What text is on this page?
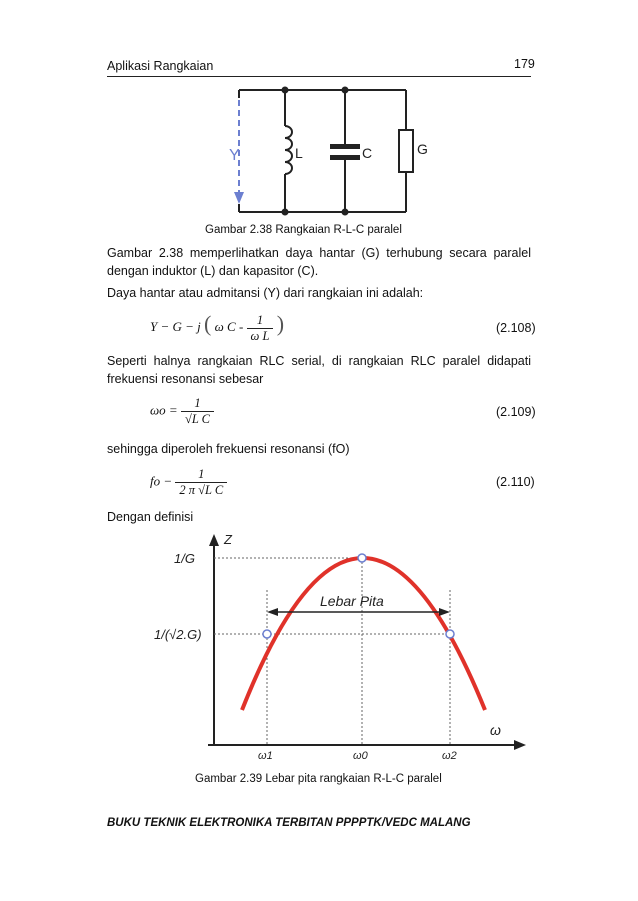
Aplikasi Rangkaian	179
Y	L	C	G
Gambar 2.38 Rangkaian R-L-C paralel
Gambar 2.38 memperlihatkan daya hantar (G) terhubung secara paralel dengan induktor (L) dan kapasitor (C).
Daya hantar atau admitansi (Y) dari rangkaian ini adalah:
Y − G − j ( ω C - $\frac{1}{\text{ω L}}$ )	(2.108)
Seperti halnya rangkaian RLC serial, di rangkaian RLC paralel didapati frekuensi resonansi sebesar
$\omega o = \frac{1}{\text{√L C}}$	(2.109)
sehingga diperoleh frekuensi resonansi (fO)
fo − $\frac{1}{\text{2 π √L C}}$	(2.110)
Dengan definisi
Z
ω
1/G
1/(√2.G)
Lebar Pita
ω1	ω0	ω2
Gambar 2.39 Lebar pita rangkaian R-L-C paralel
BUKU TEKNIK ELEKTRONIKA TERBITAN PPPPTK/VEDC MALANG
